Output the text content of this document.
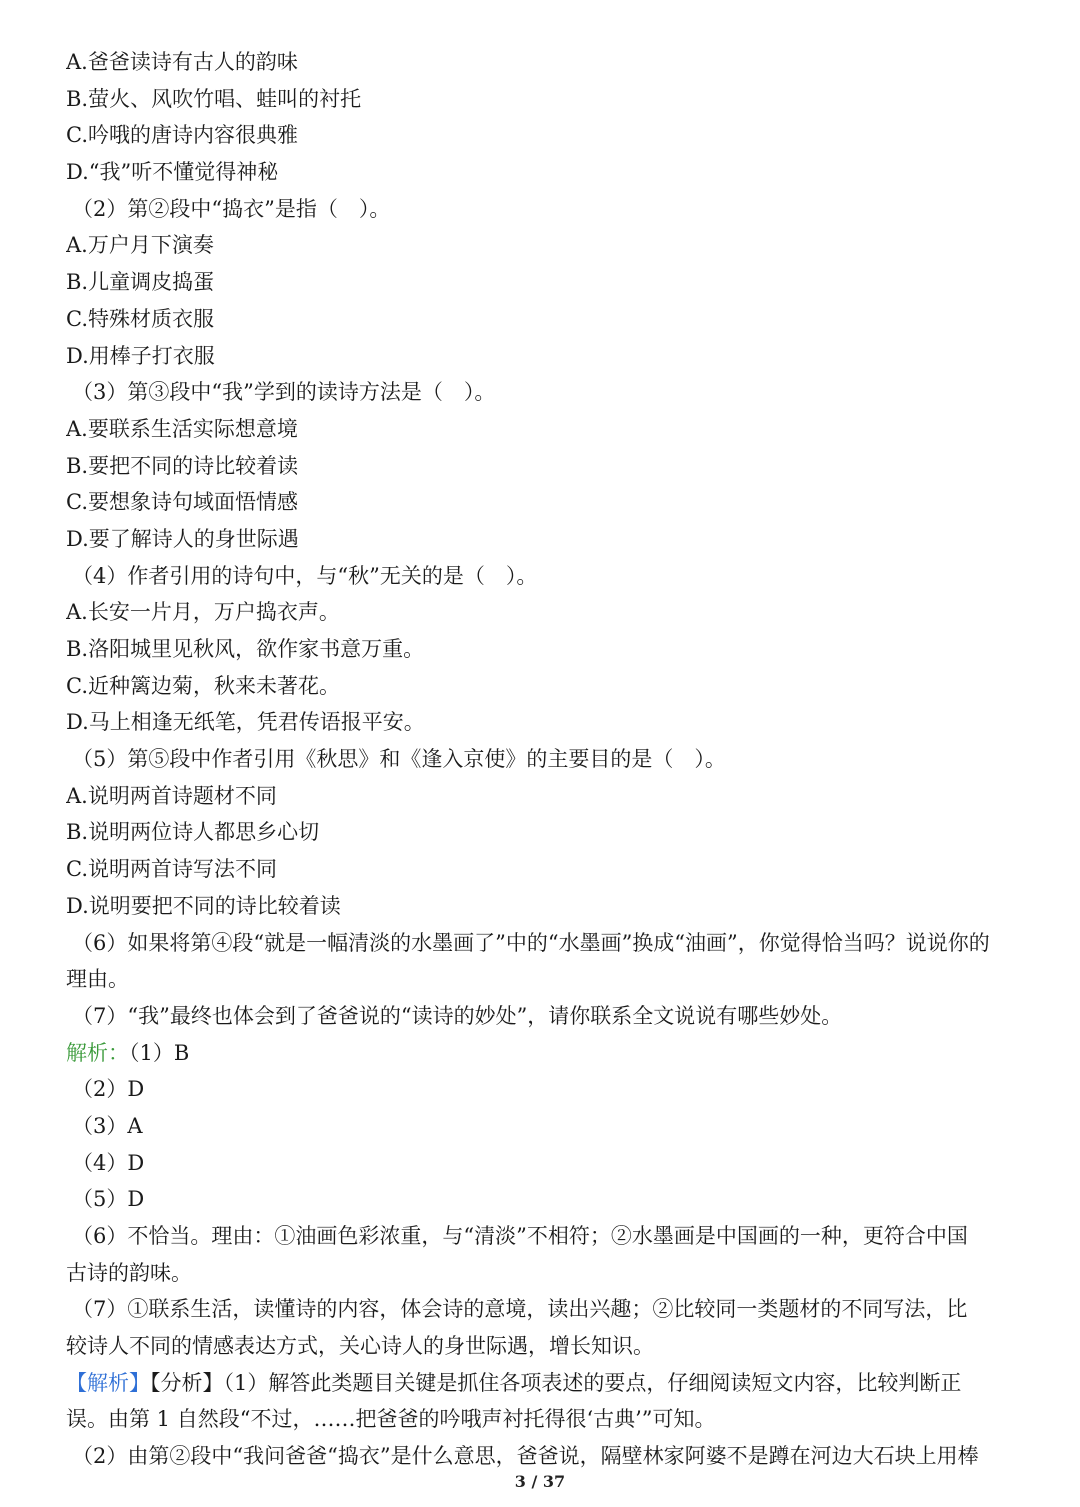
A.爸爸读诗有古人的韵味
B.萤火、风吹竹唱、蛙叫的衬托
C.吟哦的唐诗内容很典雅
D.“我”听不懂觉得神秘
（2）第②段中“捣衣”是指（　）。
A.万户月下演奏
B.儿童调皮捣蛋
C.特殊材质衣服
D.用棒子打衣服
（3）第③段中“我”学到的读诗方法是（　）。
A.要联系生活实际想意境
B.要把不同的诗比较着读
C.要想象诗句域面悟情感
D.要了解诗人的身世际遇
（4）作者引用的诗句中，与“秋”无关的是（　）。
A.长安一片月，万户捣衣声。
B.洛阳城里见秋风，欲作家书意万重。
C.近种篱边菊，秋来未著花。
D.马上相逢无纸笔，凭君传语报平安。
（5）第⑤段中作者引用《秋思》和《逢入京使》的主要目的是（　）。
A.说明两首诗题材不同
B.说明两位诗人都思乡心切
C.说明两首诗写法不同
D.说明要把不同的诗比较着读
（6）如果将第④段“就是一幅清淡的水墨画了”中的“水墨画”换成“油画”，你觉得恰当吗？说说你的
理由。
（7）“我”最终也体会到了爸爸说的“读诗的妙处”，请你联系全文说说有哪些妙处。
解析：（1）B
（2）D
（3）A
（4）D
（5）D
（6）不恰当。理由：①油画色彩浓重，与“清淡”不相符；②水墨画是中国画的一种，更符合中国
古诗的韵味。
（7）①联系生活，读懂诗的内容，体会诗的意境，读出兴趣；②比较同一类题材的不同写法，比
较诗人不同的情感表达方式，关心诗人的身世际遇，增长知识。
【解析】【分析】（1）解答此类题目关键是抓住各项表述的要点，仔细阅读短文内容，比较判断正
误。由第 1 自然段“不过，……把爸爸的吟哦声衬托得很‘古典’”可知。
（2）由第②段中“我问爸爸“捣衣”是什么意思，爸爸说，隔壁林家阿婆不是蹲在河边大石块上用棒
3 / 37
